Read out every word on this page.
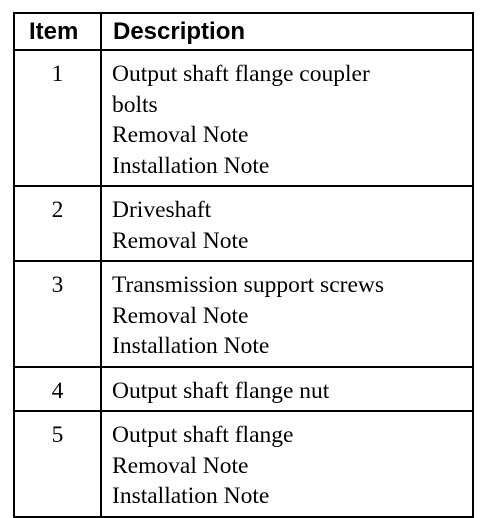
Item	Description
1	Output shaft flange coupler
bolts
Removal Note
Installation Note

2	Driveshaft
Removal Note

3	Transmission support screws
Removal Note
Installation Note

4	Output shaft flange nut

5	Output shaft flange
Removal Note
Installation Note
